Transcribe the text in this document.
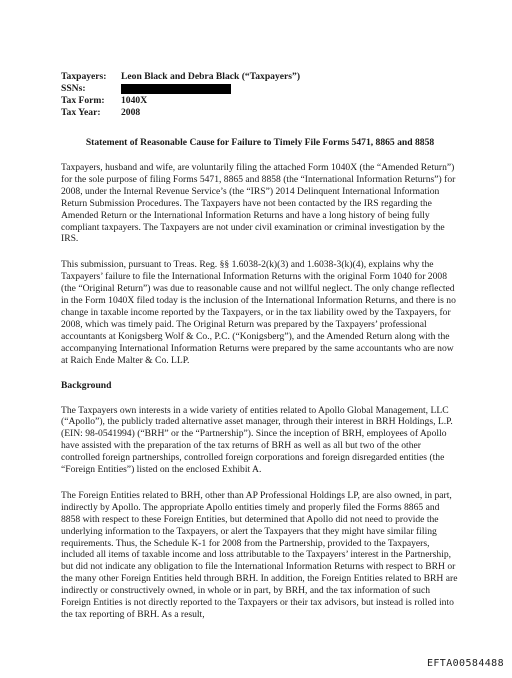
Taxpayers:	Leon Black and Debra Black (“Taxpayers”)
SSNs:
Tax Form:	1040X
Tax Year:	2008
Statement of Reasonable Cause for Failure to Timely File Forms 5471, 8865 and 8858

Taxpayers, husband and wife, are voluntarily filing the attached Form 1040X (the “Amended Return”) for the sole purpose of filing Forms 5471, 8865 and 8858 (the “International Information Returns”) for 2008, under the Internal Revenue Service’s (the “IRS”) 2014 Delinquent International Information Return Submission Procedures. The Taxpayers have not been contacted by the IRS regarding the Amended Return or the International Information Returns and have a long history of being fully compliant taxpayers. The Taxpayers are not under civil examination or criminal investigation by the IRS.

This submission, pursuant to Treas. Reg. §§ 1.6038-2(k)(3) and 1.6038-3(k)(4), explains why the Taxpayers’ failure to file the International Information Returns with the original Form 1040 for 2008 (the “Original Return”) was due to reasonable cause and not willful neglect. The only change reflected in the Form 1040X filed today is the inclusion of the International Information Returns, and there is no change in taxable income reported by the Taxpayers, or in the tax liability owed by the Taxpayers, for 2008, which was timely paid. The Original Return was prepared by the Taxpayers’ professional accountants at Konigsberg Wolf & Co., P.C. (“Konigsberg”), and the Amended Return along with the accompanying International Information Returns were prepared by the same accountants who are now at Raich Ende Malter & Co. LLP.

Background

The Taxpayers own interests in a wide variety of entities related to Apollo Global Management, LLC (“Apollo”), the publicly traded alternative asset manager, through their interest in BRH Holdings, L.P. (EIN: 98-0541994) (“BRH” or the “Partnership”). Since the inception of BRH, employees of Apollo have assisted with the preparation of the tax returns of BRH as well as all but two of the other controlled foreign partnerships, controlled foreign corporations and foreign disregarded entities (the “Foreign Entities”) listed on the enclosed Exhibit A.

The Foreign Entities related to BRH, other than AP Professional Holdings LP, are also owned, in part, indirectly by Apollo. The appropriate Apollo entities timely and properly filed the Forms 8865 and 8858 with respect to these Foreign Entities, but determined that Apollo did not need to provide the underlying information to the Taxpayers, or alert the Taxpayers that they might have similar filing requirements. Thus, the Schedule K-1 for 2008 from the Partnership, provided to the Taxpayers, included all items of taxable income and loss attributable to the Taxpayers’ interest in the Partnership, but did not indicate any obligation to file the International Information Returns with respect to BRH or the many other Foreign Entities held through BRH. In addition, the Foreign Entities related to BRH are indirectly or constructively owned, in whole or in part, by BRH, and the tax information of such Foreign Entities is not directly reported to the Taxpayers or their tax advisors, but instead is rolled into the tax reporting of BRH. As a result,

EFTA00584488
